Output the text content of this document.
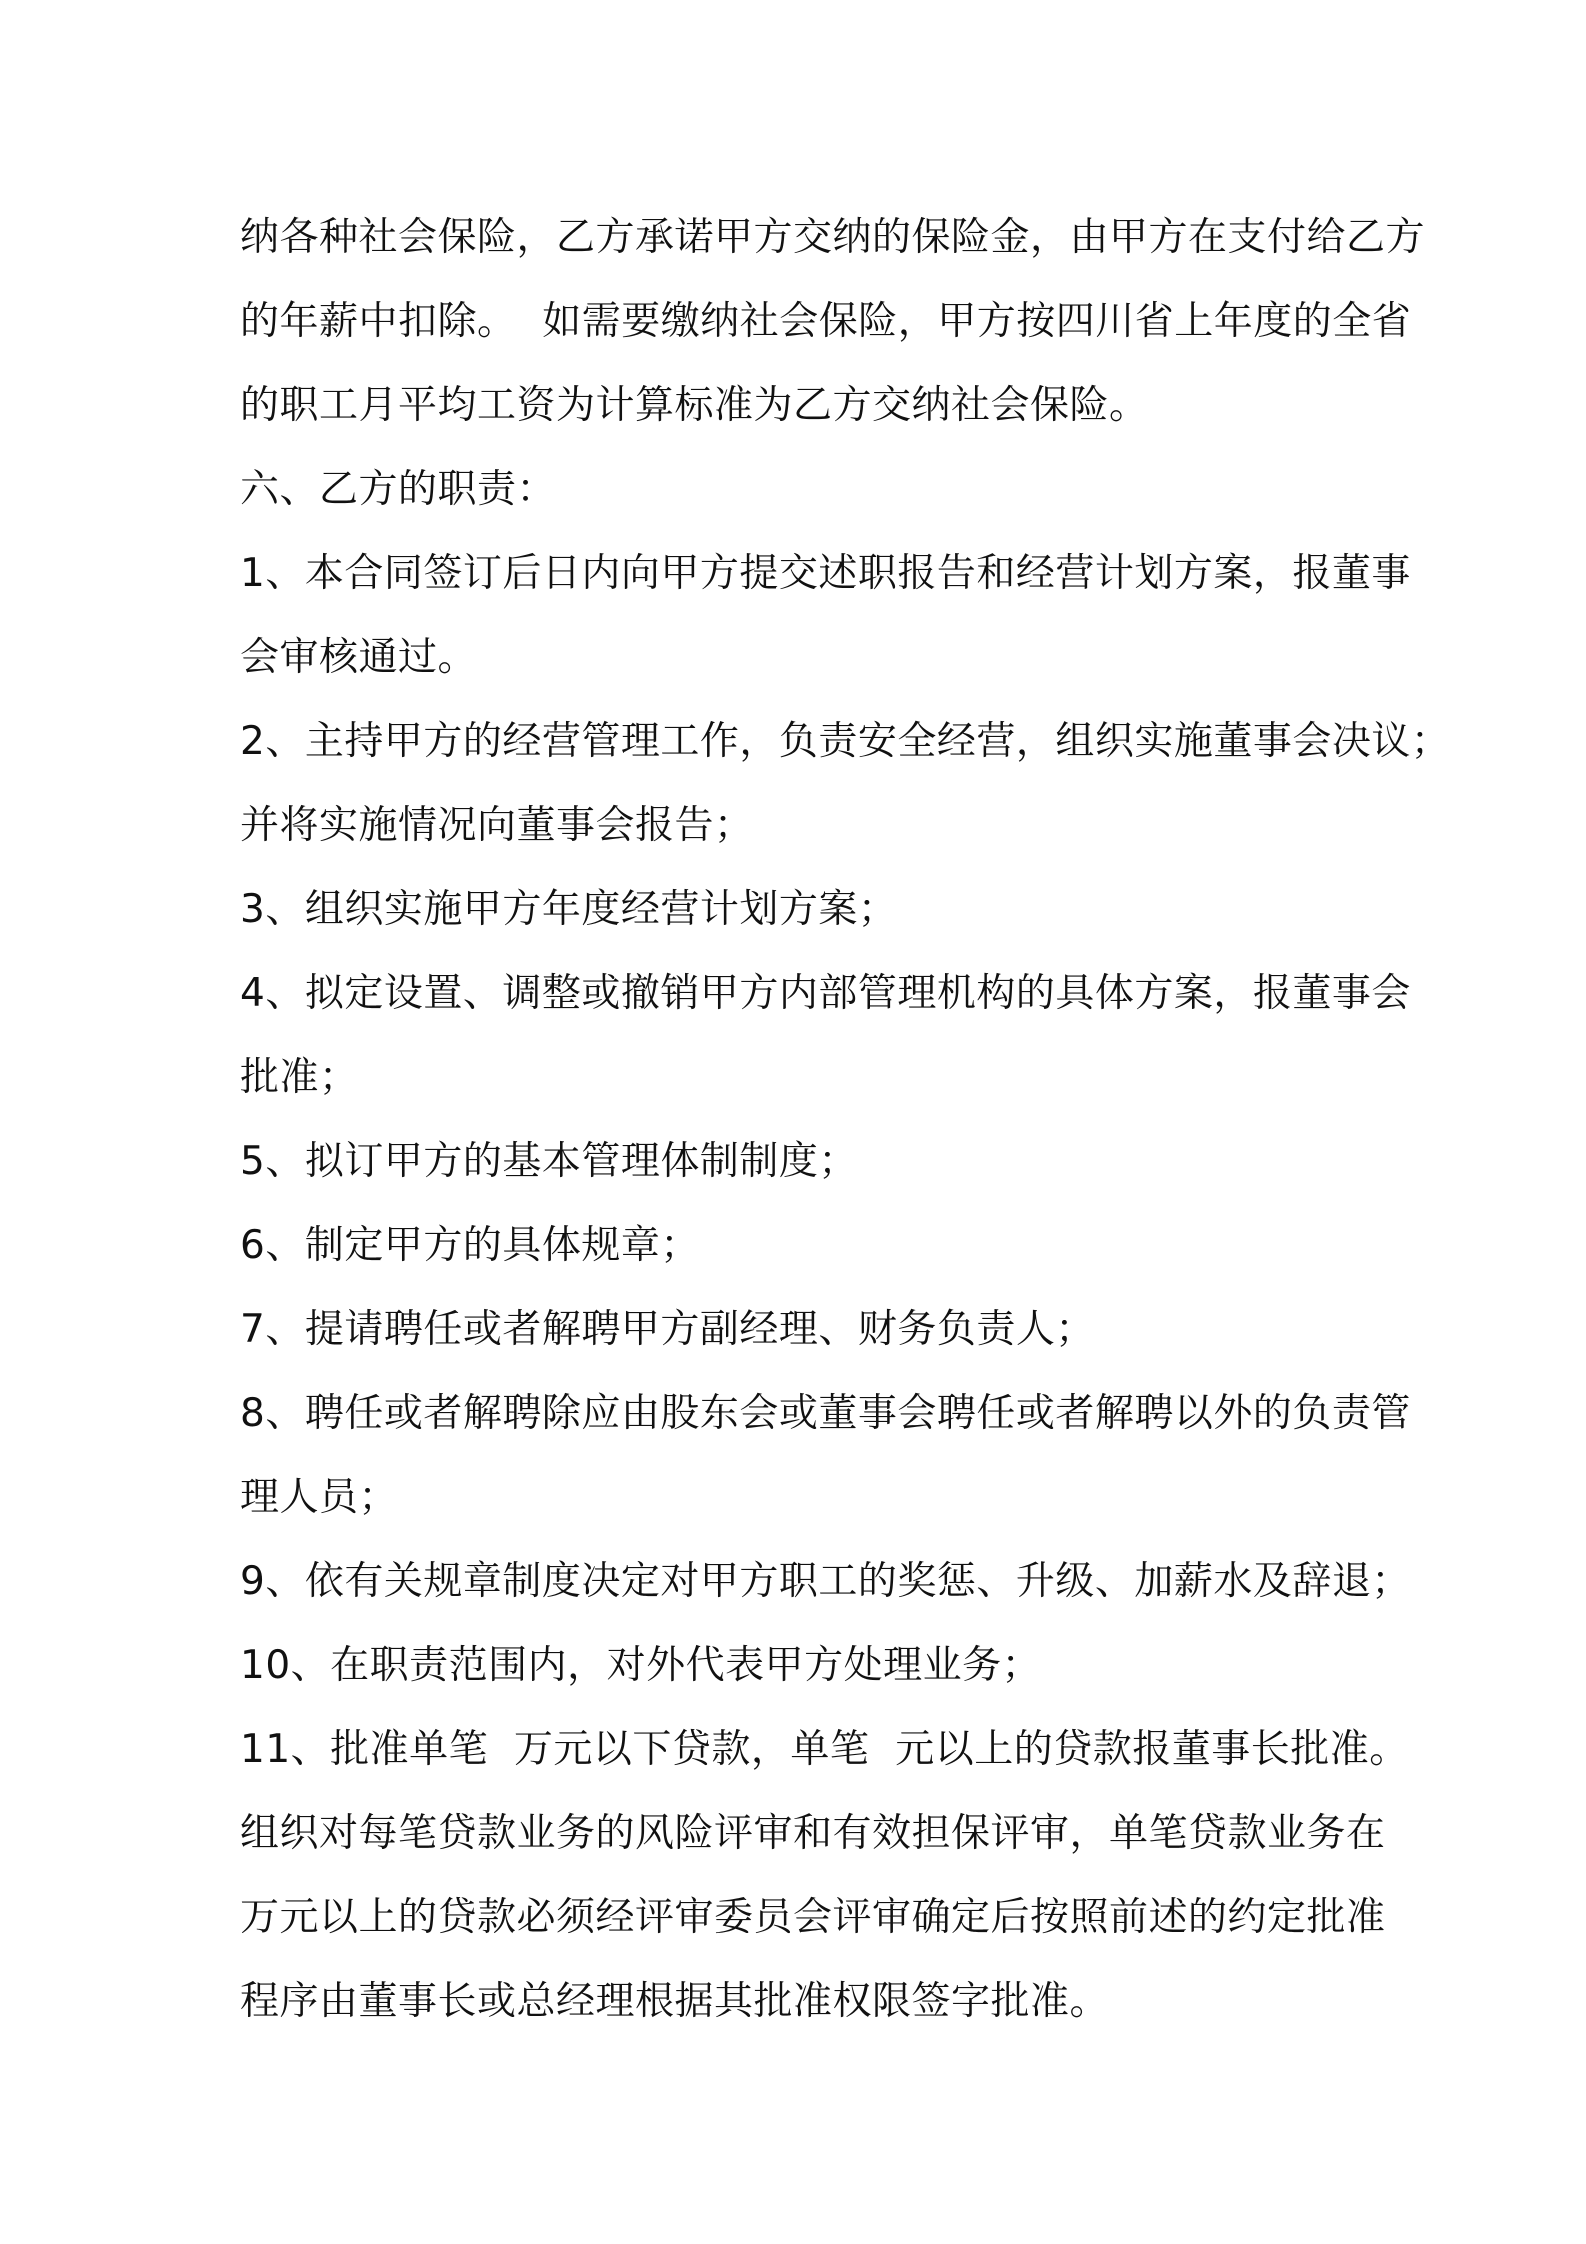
纳各种社会保险，乙方承诺甲方交纳的保险金，由甲方在支付给乙方
的年薪中扣除。  如需要缴纳社会保险，甲方按四川省上年度的全省
的职工月平均工资为计算标准为乙方交纳社会保险。
六、乙方的职责：
1、本合同签订后日内向甲方提交述职报告和经营计划方案，报董事
会审核通过。
2、主持甲方的经营管理工作，负责安全经营，组织实施董事会决议；
并将实施情况向董事会报告；
3、组织实施甲方年度经营计划方案；
4、拟定设置、调整或撤销甲方内部管理机构的具体方案，报董事会
批准；
5、拟订甲方的基本管理体制制度；
6、制定甲方的具体规章；
7、提请聘任或者解聘甲方副经理、财务负责人；
8、聘任或者解聘除应由股东会或董事会聘任或者解聘以外的负责管
理人员；
9、依有关规章制度决定对甲方职工的奖惩、升级、加薪水及辞退；
10、在职责范围内，对外代表甲方处理业务；
11、批准单笔  万元以下贷款，单笔  元以上的贷款报董事长批准。
组织对每笔贷款业务的风险评审和有效担保评审，单笔贷款业务在
万元以上的贷款必须经评审委员会评审确定后按照前述的约定批准
程序由董事长或总经理根据其批准权限签字批准。
